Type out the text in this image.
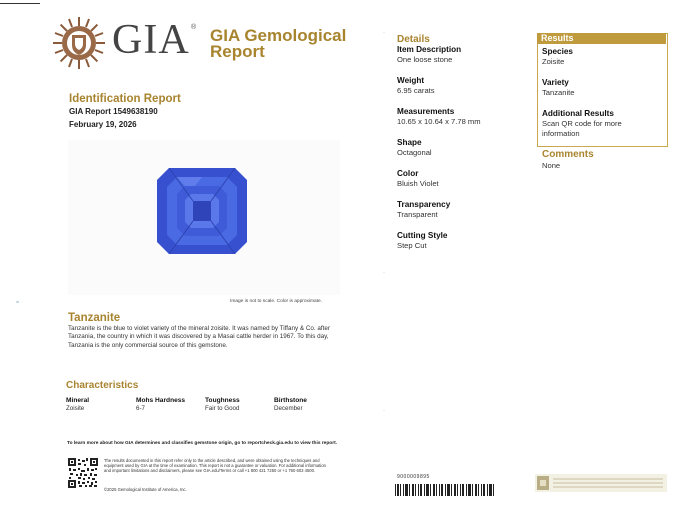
GIA ® GIA Gemological
Report
Identification Report
GIA Report 1549638190
February 19, 2026
Image is not to scale. Color is approximate.
≈
Tanzanite
Tanzanite is the blue to violet variety of the mineral zoisite. It was named by Tiffany & Co. after Tanzania, the country in which it was discovered by a Masai cattle herder in 1967. To this day, Tanzania is the only commercial source of this gemstone.
Characteristics
Mineral
Zoisite
Mohs Hardness
6-7
Toughness
Fair to Good
Birthstone
December
To learn more about how GIA determines and classifies gemstone origin, go to reportcheck.gia.edu to view this report.
The results documented in this report refer only to the article described, and were obtained using the techniques and equipment used by GIA at the time of examination. This report is not a guarantee or valuation. For additional information and important limitations and disclaimers, please see GIA.edu/Terms or call +1 800 421 7250 or +1 760 603 4500.
©2025 Gemological Institute of America, Inc.
·
·
·
Details
Item Description
One loose stone
Weight
6.95 carats
Measurements
10.65 x 10.64 x 7.78 mm
Shape
Octagonal
Color
Bluish Violet
Transparency
Transparent
Cutting Style
Step Cut
Results
Species
Zoisite
Variety
Tanzanite
Additional Results
Scan QR code for more information
Comments
None
9000009895
